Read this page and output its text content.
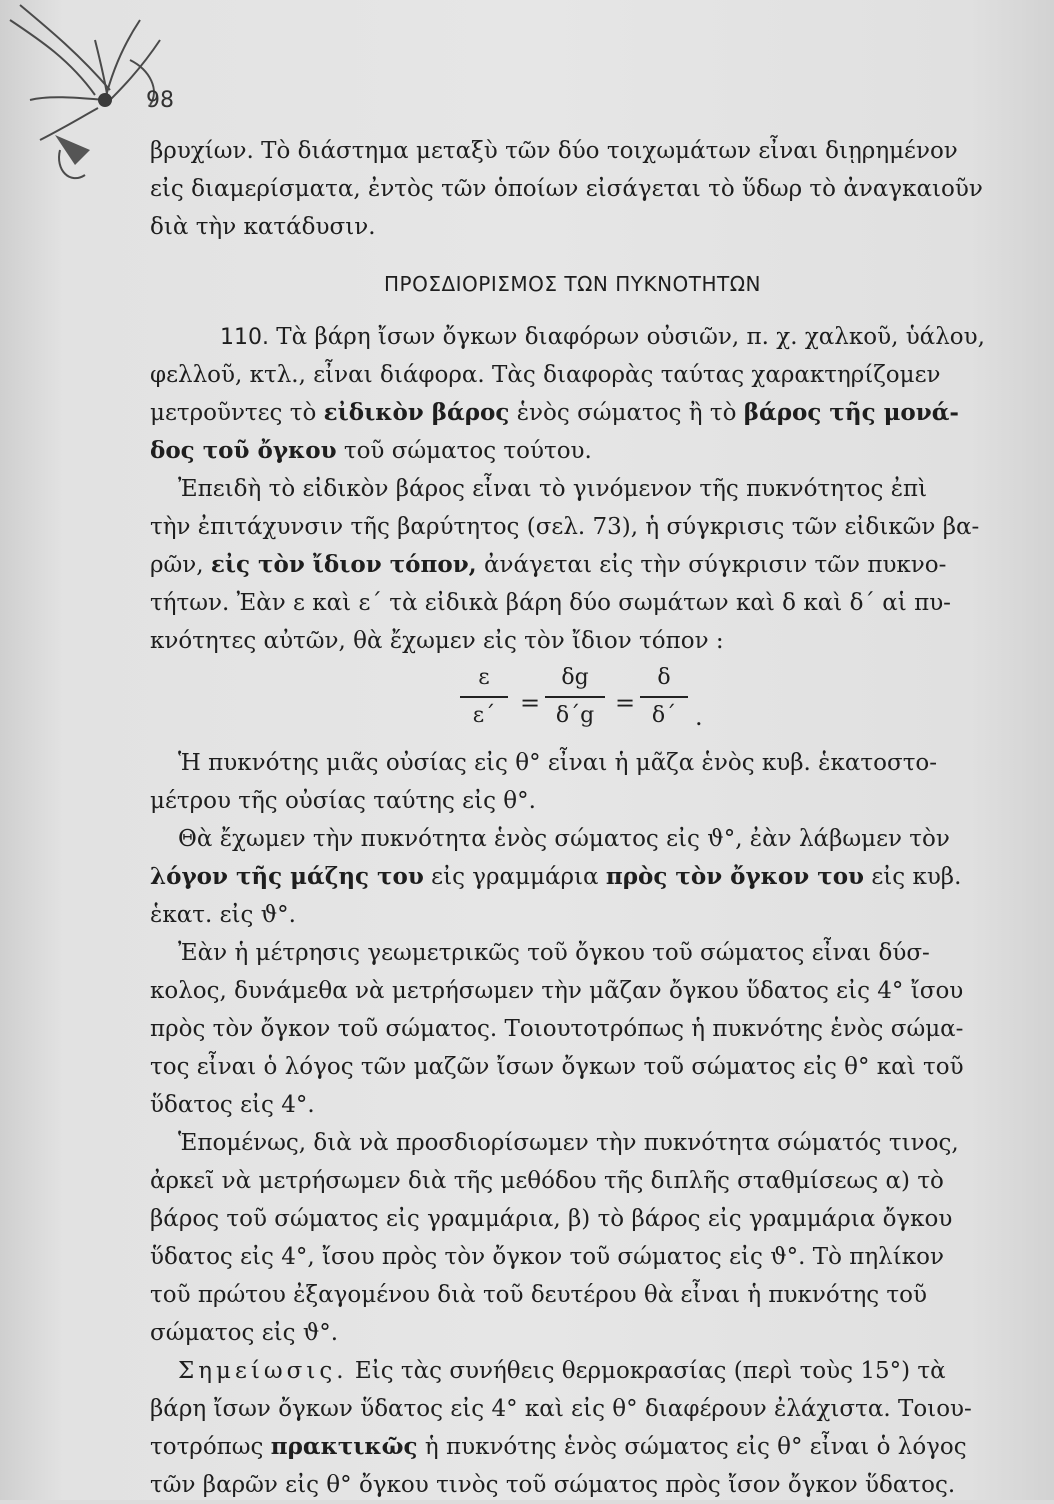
98
βρυχίων. Τὸ διάστημα μεταξὺ τῶν δύο τοιχωμάτων εἶναι διῃρημένον
εἰς διαμερίσματα, ἐντὸς τῶν ὁποίων εἰσάγεται τὸ ὕδωρ τὸ ἀναγκαιοῦν
διὰ τὴν κατάδυσιν.
ΠΡΟΣΔΙΟΡΙΣΜΟΣ ΤΩΝ ΠΥΚΝΟΤΗΤΩΝ
110. Τὰ βάρη ἴσων ὄγκων διαφόρων οὐσιῶν, π. χ. χαλκοῦ, ὑάλου,
φελλοῦ, κτλ., εἶναι διάφορα. Τὰς διαφορὰς ταύτας χαρακτηρίζομεν
μετροῦντες τὸ εἰδικὸν βάρος ἑνὸς σώματος ἢ τὸ βάρος τῆς μονά-
δος τοῦ ὄγκου τοῦ σώματος τούτου.
Ἐπειδὴ τὸ εἰδικὸν βάρος εἶναι τὸ γινόμενον τῆς πυκνότητος ἐπὶ
τὴν ἐπιτάχυνσιν τῆς βαρύτητος (σελ. 73), ἡ σύγκρισις τῶν εἰδικῶν βα-
ρῶν, εἰς τὸν ἴδιον τόπον, ἀνάγεται εἰς τὴν σύγκρισιν τῶν πυκνο-
τήτων. Ἐὰν ε καὶ ε΄ τὰ εἰδικὰ βάρη δύο σωμάτων καὶ δ καὶ δ΄ αἱ πυ-
κνότητες αὐτῶν, θὰ ἔχωμεν εἰς τὸν ἴδιον τόπον :
ε
ε΄	=
δg
δ΄g =
δ
δ΄ .
Ἡ πυκνότης μιᾶς οὐσίας εἰς θ° εἶναι ἡ μᾶζα ἑνὸς κυβ. ἑκατοστο-
μέτρου τῆς οὐσίας ταύτης εἰς θ°.
Θὰ ἔχωμεν τὴν πυκνότητα ἑνὸς σώματος εἰς ϑ°, ἐὰν λάβωμεν τὸν
λόγον τῆς μάζης του εἰς γραμμάρια πρὸς τὸν ὄγκον του εἰς κυβ.
ἑκατ. εἰς ϑ°.
Ἐὰν ἡ μέτρησις γεωμετρικῶς τοῦ ὄγκου τοῦ σώματος εἶναι δύσ-
κολος, δυνάμεθα νὰ μετρήσωμεν τὴν μᾶζαν ὄγκου ὕδατος εἰς 4° ἴσου
πρὸς τὸν ὄγκον τοῦ σώματος. Τοιουτοτρόπως ἡ πυκνότης ἑνὸς σώμα-
τος εἶναι ὁ λόγος τῶν μαζῶν ἴσων ὄγκων τοῦ σώματος εἰς θ° καὶ τοῦ
ὕδατος εἰς 4°.
Ἑπομένως, διὰ νὰ προσδιορίσωμεν τὴν πυκνότητα σώματός τινος,
ἀρκεῖ νὰ μετρήσωμεν διὰ τῆς μεθόδου τῆς διπλῆς σταθμίσεως α) τὸ
βάρος τοῦ σώματος εἰς γραμμάρια, β) τὸ βάρος εἰς γραμμάρια ὄγκου
ὕδατος εἰς 4°, ἴσου πρὸς τὸν ὄγκον τοῦ σώματος εἰς ϑ°. Τὸ πηλίκον
τοῦ πρώτου ἐξαγομένου διὰ τοῦ δευτέρου θὰ εἶναι ἡ πυκνότης τοῦ
σώματος εἰς ϑ°.
Σημείωσις. Εἰς τὰς συνήθεις θερμοκρασίας (περὶ τοὺς 15°) τὰ
βάρη ἴσων ὄγκων ὕδατος εἰς 4° καὶ εἰς θ° διαφέρουν ἐλάχιστα. Τοιου-
τοτρόπως πρακτικῶς ἡ πυκνότης ἑνὸς σώματος εἰς θ° εἶναι ὁ λόγος
τῶν βαρῶν εἰς θ° ὄγκου τινὸς τοῦ σώματος πρὸς ἴσον ὄγκον ὕδατος.
